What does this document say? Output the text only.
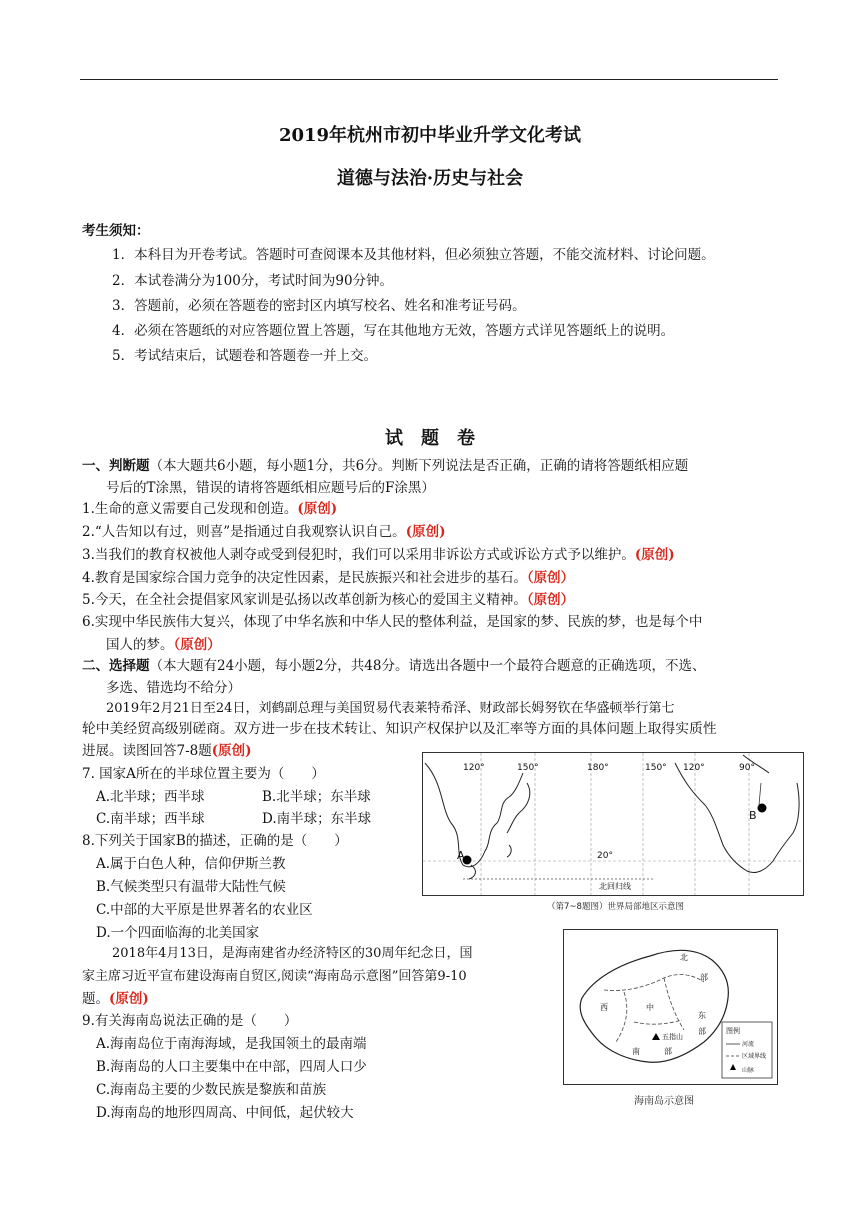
2019年杭州市初中毕业升学文化考试
道德与法治·历史与社会
考生须知：
1．本科目为开卷考试。答题时可查阅课本及其他材料，但必须独立答题，不能交流材料、讨论问题。
2．本试卷满分为100分，考试时间为90分钟。
3．答题前，必须在答题卷的密封区内填写校名、姓名和准考证号码。
4．必须在答题纸的对应答题位置上答题，写在其他地方无效，答题方式详见答题纸上的说明。
5．考试结束后，试题卷和答题卷一并上交。
试　题　卷
一、判断题（本大题共6小题，每小题1分，共6分。判断下列说法是否正确，正确的请将答题纸相应题
号后的T涂黑，错误的请将答题纸相应题号后的F涂黑）
1.生命的意义需要自己发现和创造。(原创)
2.“人告知以有过，则喜”是指通过自我观察认识自己。(原创)
3.当我们的教育权被他人剥夺或受到侵犯时，我们可以采用非诉讼方式或诉讼方式予以维护。(原创)
4.教育是国家综合国力竞争的决定性因素，是民族振兴和社会进步的基石。（原创）
5.今天，在全社会提倡家风家训是弘扬以改革创新为核心的爱国主义精神。（原创）
6.实现中华民族伟大复兴，体现了中华名族和中华人民的整体利益，是国家的梦、民族的梦，也是每个中
国人的梦。（原创）
二、选择题（本大题有24小题，每小题2分，共48分。请选出各题中一个最符合题意的正确选项，不选、
多选、错选均不给分）
2019年2月21日至24日，刘鹤副总理与美国贸易代表莱特希泽、财政部长姆努钦在华盛顿举行第七
轮中美经贸高级别磋商。双方进一步在技术转让、知识产权保护以及汇率等方面的具体问题上取得实质性
进展。读图回答7-8题(原创)
7. 国家A所在的半球位置主要为（　　）
A.北半球；西半球	B.北半球；东半球
C.南半球；西半球	D.南半球；东半球
8.下列关于国家B的描述，正确的是（　　）
A.属于白色人种，信仰伊斯兰教
B.气候类型只有温带大陆性气候
C.中部的大平原是世界著名的农业区
D.一个四面临海的北美国家
2018年4月13日，是海南建省办经济特区的30周年纪念日，国
家主席习近平宣布建设海南自贸区,阅读“海南岛示意图”回答第9-10
题。(原创)
9.有关海南岛说法正确的是（　　）
A.海南岛位于南海海域，是我国领土的最南端
B.海南岛的人口主要集中在中部，四周人口少
C.海南岛主要的少数民族是黎族和苗族
D.海南岛的地形四周高、中间低，起伏较大
120°	150°	180°	150° 120°	90°
20°
A
B
北回归线
（第7~8题图）世界局部地区示意图
北
部
西	中
东
部
南	部
五指山
图例
河流
区域界线
山脉
海南岛示意图
